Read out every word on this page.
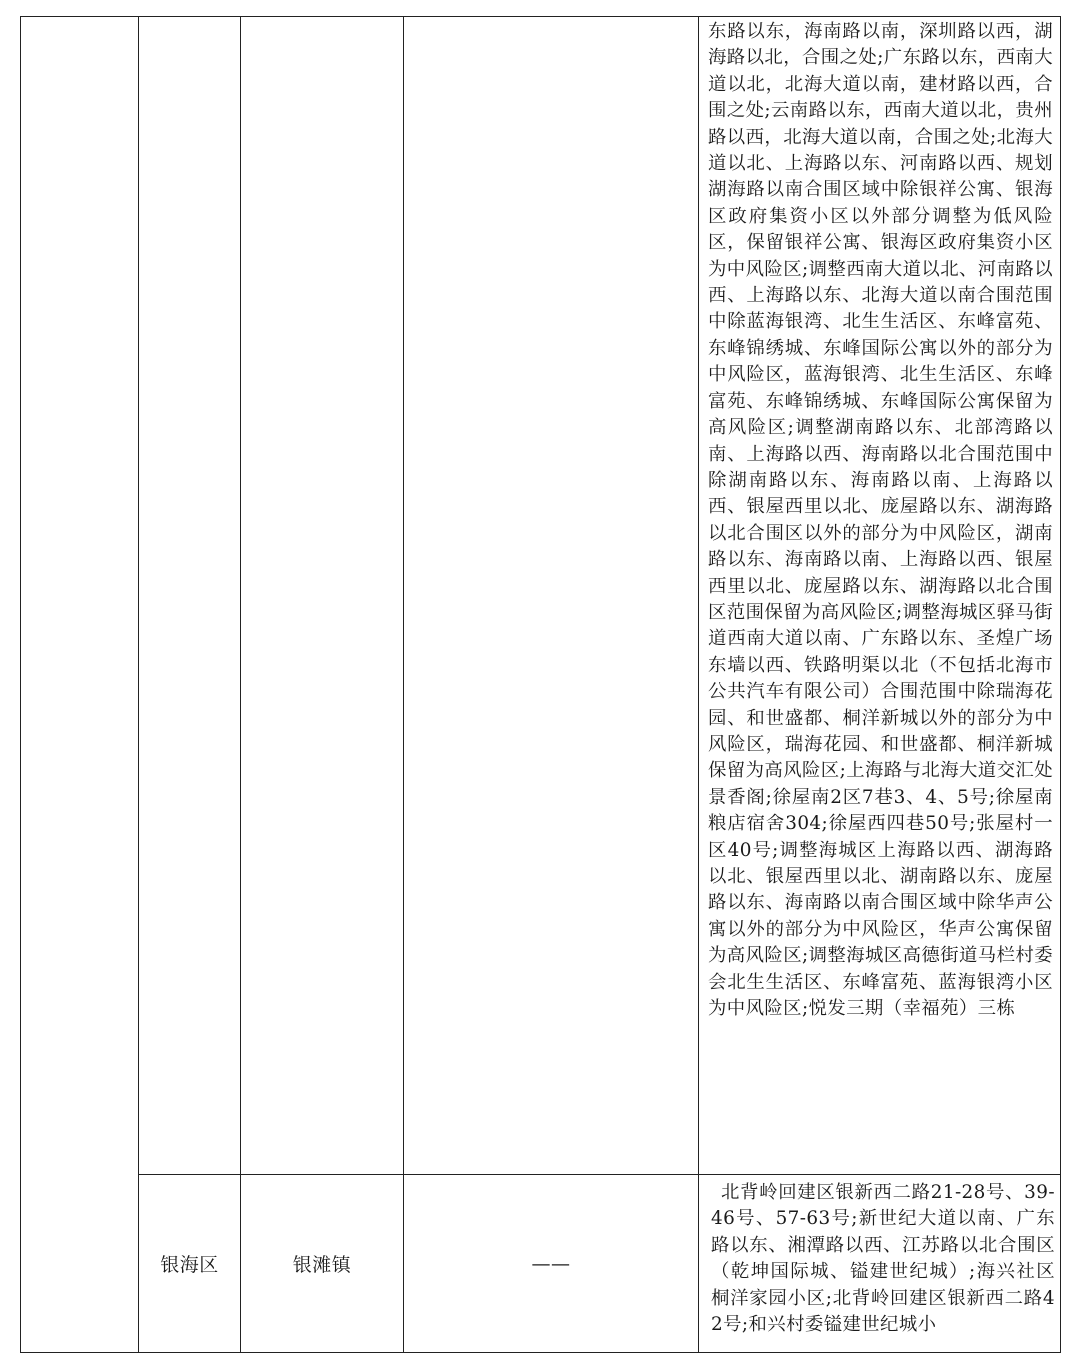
				东路以东，海南路以南，深圳路以西，湖海路以北，合围之处;广东路以东，西南大道以北，北海大道以南，建材路以西，合围之处;云南路以东，西南大道以北，贵州路以西，北海大道以南，合围之处;北海大道以北、上海路以东、河南路以西、规划湖海路以南合围区域中除银祥公寓、银海区政府集资小区以外部分调整为低风险区，保留银祥公寓、银海区政府集资小区为中风险区;调整西南大道以北、河南路以西、上海路以东、北海大道以南合围范围中除蓝海银湾、北生生活区、东峰富苑、东峰锦绣城、东峰国际公寓以外的部分为中风险区，蓝海银湾、北生生活区、东峰富苑、东峰锦绣城、东峰国际公寓保留为高风险区;调整湖南路以东、北部湾路以南、上海路以西、海南路以北合围范围中除湖南路以东、海南路以南、上海路以西、银屋西里以北、庞屋路以东、湖海路以北合围区以外的部分为中风险区，湖南路以东、海南路以南、上海路以西、银屋西里以北、庞屋路以东、湖海路以北合围区范围保留为高风险区;调整海城区驿马街道西南大道以南、广东路以东、圣煌广场东墙以西、铁路明渠以北（不包括北海市公共汽车有限公司）合围范围中除瑞海花园、和世盛都、桐洋新城以外的部分为中风险区，瑞海花园、和世盛都、桐洋新城保留为高风险区;上海路与北海大道交汇处景香阁;徐屋南2区7巷3、4、5号;徐屋南粮店宿舍304;徐屋西四巷50号;张屋村一区40号;调整海城区上海路以西、湖海路以北、银屋西里以北、湖南路以东、庞屋路以东、海南路以南合围区域中除华声公寓以外的部分为中风险区，华声公寓保留为高风险区;调整海城区高德街道马栏村委会北生生活区、东峰富苑、蓝海银湾小区为中风险区;悦发三期（幸福苑）三栋

	银海区	银滩镇	——	北背岭回建区银新西二路21-28号、39-46号、57-63号;新世纪大道以南、广东路以东、湘潭路以西、江苏路以北合围区（乾坤国际城、镒建世纪城）;海兴社区桐洋家园小区;北背岭回建区银新西二路42号;和兴村委镒建世纪城小
